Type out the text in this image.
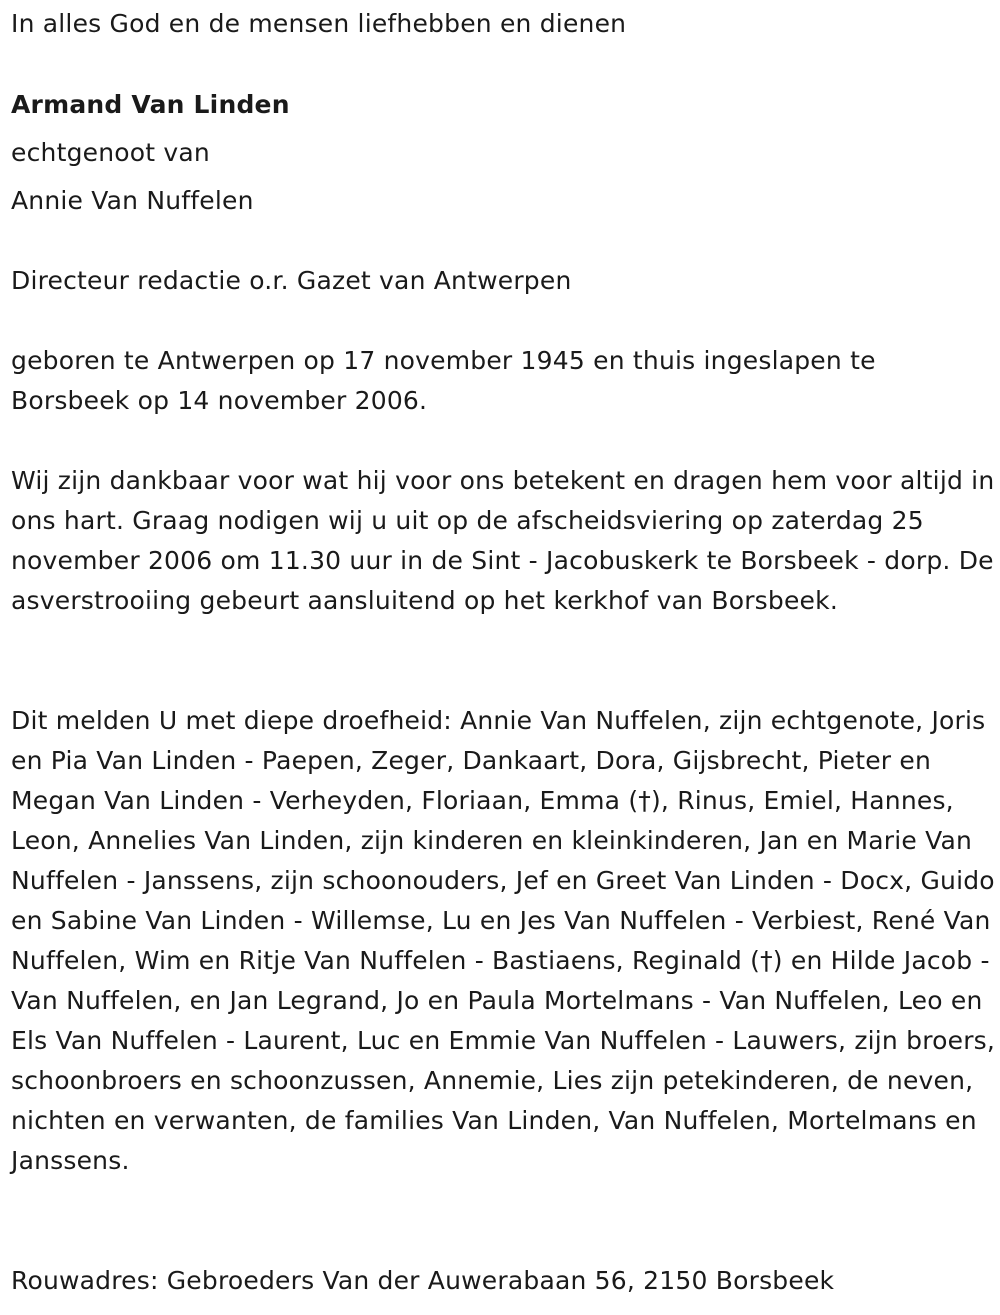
In alles God en de mensen liefhebben en dienen
Armand Van Linden
echtgenoot van
Annie Van Nuffelen
Directeur redactie o.r. Gazet van Antwerpen

geboren te Antwerpen op 17 november 1945 en thuis ingeslapen te Borsbeek op 14 november 2006.

Wij zijn dankbaar voor wat hij voor ons betekent en dragen hem voor altijd in ons hart. Graag nodigen wij u uit op de afscheidsviering op zaterdag 25 november 2006 om 11.30 uur in de Sint - Jacobuskerk te Borsbeek - dorp. De asverstrooiing gebeurt aansluitend op het kerkhof van Borsbeek.

Dit melden U met diepe droefheid: Annie Van Nuffelen, zijn echtgenote, Joris en Pia Van Linden - Paepen, Zeger, Dankaart, Dora, Gijsbrecht, Pieter en Megan Van Linden - Verheyden, Floriaan, Emma (†), Rinus, Emiel, Hannes, Leon, Annelies Van Linden, zijn kinderen en kleinkinderen, Jan en Marie Van Nuffelen - Janssens, zijn schoonouders, Jef en Greet Van Linden - Docx, Guido en Sabine Van Linden - Willemse, Lu en Jes Van Nuffelen - Verbiest, René Van Nuffelen, Wim en Ritje Van Nuffelen - Bastiaens, Reginald (†) en Hilde Jacob - Van Nuffelen, en Jan Legrand, Jo en Paula Mortelmans - Van Nuffelen, Leo en Els Van Nuffelen - Laurent, Luc en Emmie Van Nuffelen - Lauwers, zijn broers, schoonbroers en schoonzussen, Annemie, Lies zijn petekinderen, de neven, nichten en verwanten, de families Van Linden, Van Nuffelen, Mortelmans en Janssens.

Rouwadres: Gebroeders Van der Auwerabaan 56, 2150 Borsbeek
